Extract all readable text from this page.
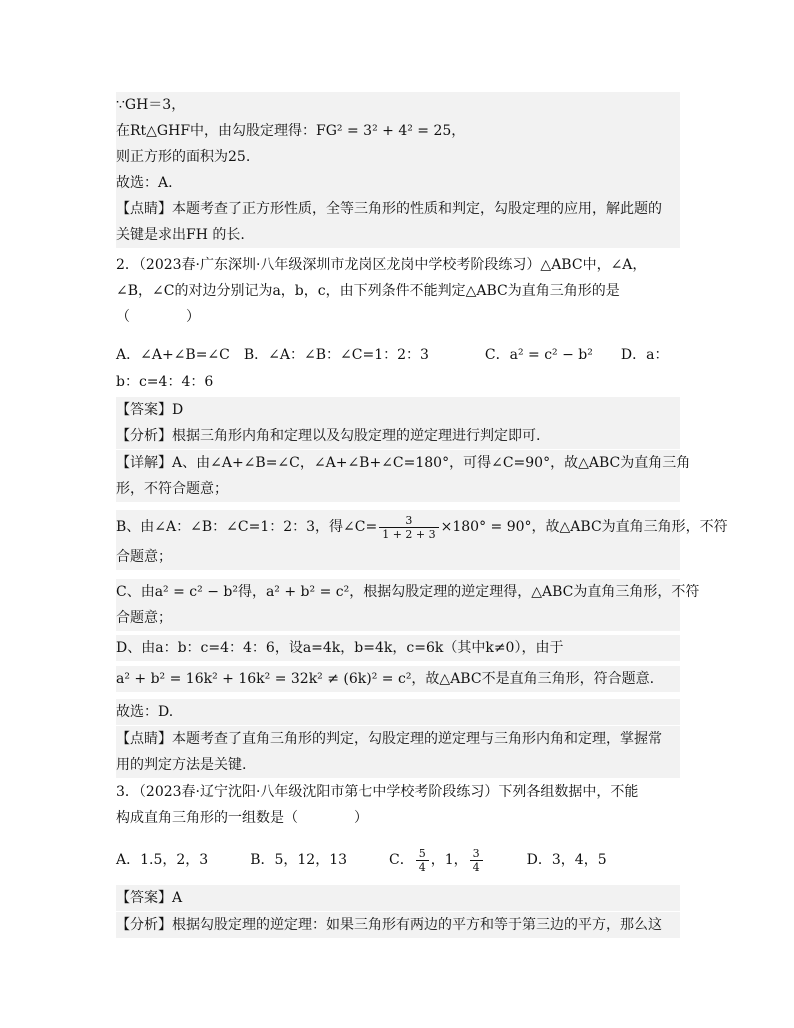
∵GH＝3，
在Rt△GHF中，由勾股定理得：FG² = 3² + 4² = 25，
则正方形的面积为25.
故选：A.
【点睛】本题考查了正方形性质，全等三角形的性质和判定，勾股定理的应用，解此题的
关键是求出FH 的长.
2．（2023春·广东深圳·八年级深圳市龙岗区龙岗中学校考阶段练习）△ABC中，∠A，
∠B，∠C的对边分别记为a，b，c，由下列条件不能判定△ABC为直角三角形的是
（　　　　）
A．∠A+∠B=∠C　B．∠A：∠B：∠C=1：2：3　　　　C．a² = c² − b²　　D．a：
b：c=4：4：6
【答案】D
【分析】根据三角形内角和定理以及勾股定理的逆定理进行判定即可.
【详解】A、由∠A+∠B=∠C，∠A+∠B+∠C=180°，可得∠C=90°，故△ABC为直角三角
形，不符合题意；
B、由∠A：∠B：∠C=1：2：3，得∠C= $\frac{3}{1 + 2 + 3} \times 180^\circ = 90^\circ$，故△ABC为直角三角形，不符
合题意；
C、由a² = c² − b²得，a² + b² = c²，根据勾股定理的逆定理得，△ABC为直角三角形，不符
合题意；
D、由a：b：c=4：4：6，设a=4k，b=4k，c=6k（其中k≠0），由于
a² + b² = 16k² + 16k² = 32k² ≠ (6k)² = c²，故△ABC不是直角三角形，符合题意.
故选：D.
【点睛】本题考查了直角三角形的判定，勾股定理的逆定理与三角形内角和定理，掌握常
用的判定方法是关键.
3．（2023春·辽宁沈阳·八年级沈阳市第七中学校考阶段练习）下列各组数据中，不能
构成直角三角形的一组数是（　　　　）
A．1.5，2，3　　　B．5，12，13　　　C． $\frac{5}{4}$ ，1， $\frac{3}{4}$ 　　　D．3，4，5
【答案】A
【分析】根据勾股定理的逆定理：如果三角形有两边的平方和等于第三边的平方，那么这
